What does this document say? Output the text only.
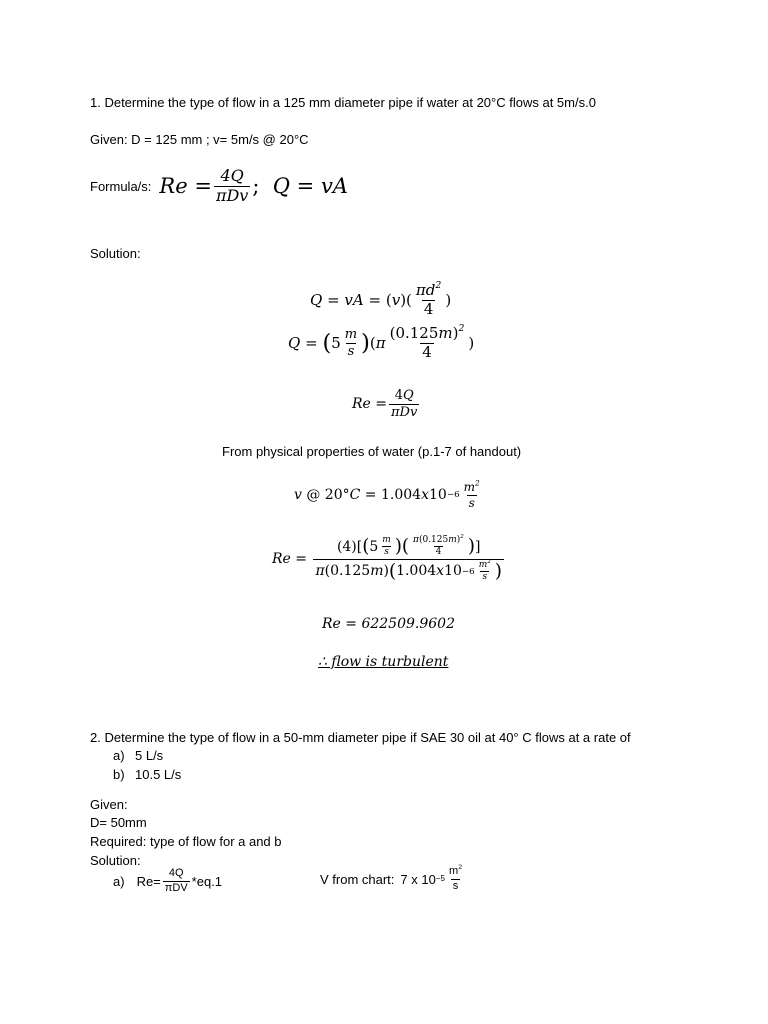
1. Determine the type of flow in a 125 mm diameter pipe if water at 20°C flows at 5m/s.0
Given: D = 125 mm ; v= 5m/s @ 20°C
Formula/s: $Re = \frac{4Q}{\text{πDv}}$ ; Q = vA
Solution:
Q = vA =
( v )( $\frac{\pi d^2}{4}$ )
Q =
( $5 \frac{m}{s}$ ) ( π $\frac{(0.125m)^2}{4}$ )
$Re = \frac{4Q}{\text{πDv}}$
From physical properties of water (p.1-7 of handout)
v @ 20° C =
1.004 x $10 -6 \frac{m^2}{s}$
Re =
$\frac{(4)[ ( 5 \frac{m}{s} ) ( \frac{\pi(0.125m)^2}{4} ) ]}{\pi (0.125 m ) ( 1.004 x 10 -6 \frac{m^2}{s} )}$
Re = 622509.9602
∴ flow is turbulent
2. Determine the type of flow in a 50-mm diameter pipe if SAE 30 oil at 40° C flows at a rate of
a) 5 L/s
b) 10.5 L/s
Given:
D= 50mm
Required: type of flow for a and b
Solution:
a) $Re= \frac{4Q}{\text{πDV}} *eq.1$	V from chart: 7 x $10 -5 \frac{m^2}{s}$
